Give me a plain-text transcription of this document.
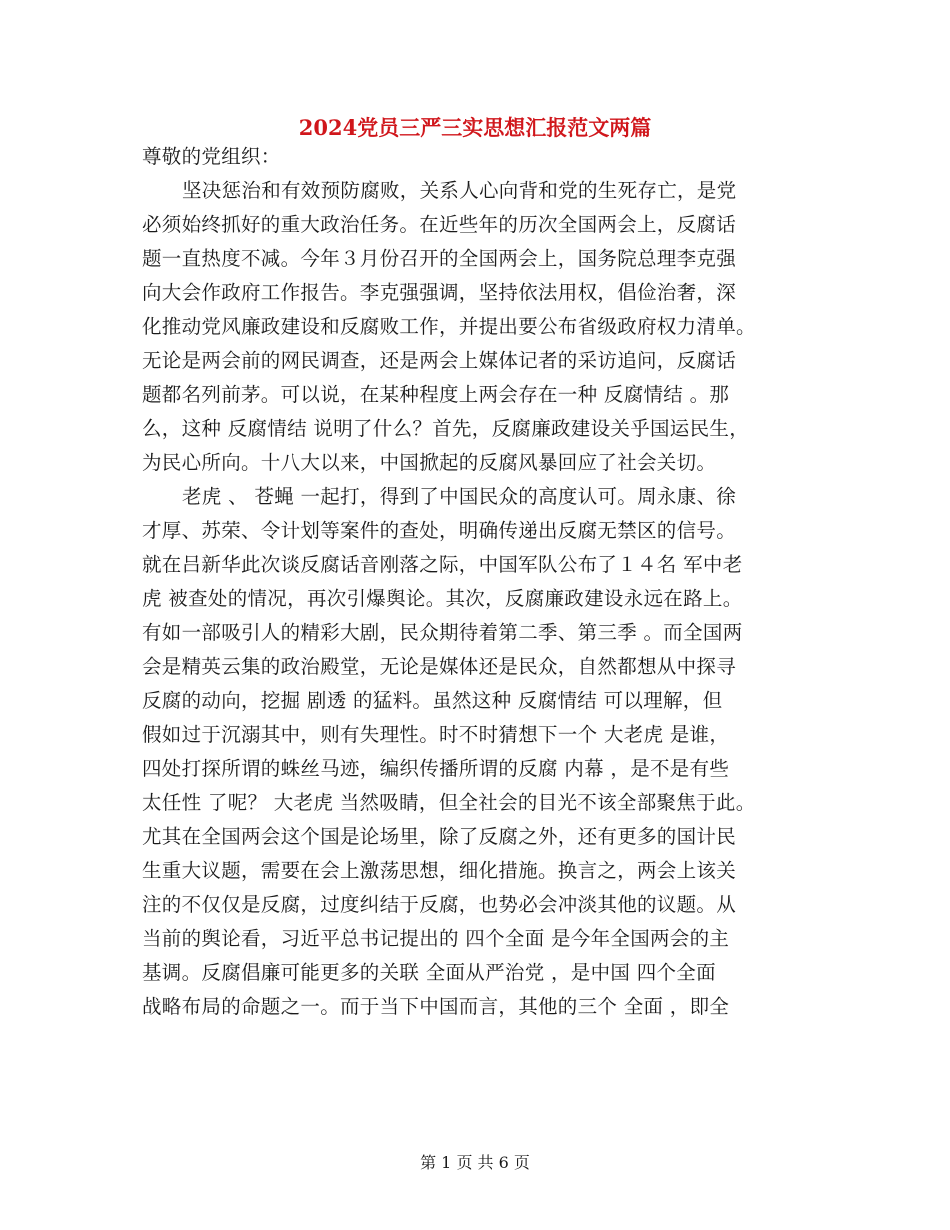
2024党员三严三实思想汇报范文两篇
尊敬的党组织：
坚决惩治和有效预防腐败，关系人心向背和党的生死存亡，是党
必须始终抓好的重大政治任务。在近些年的历次全国两会上，反腐话
题一直热度不减。今年３月份召开的全国两会上，国务院总理李克强
向大会作政府工作报告。李克强强调，坚持依法用权，倡俭治奢，深
化推动党风廉政建设和反腐败工作，并提出要公布省级政府权力清单。
无论是两会前的网民调查，还是两会上媒体记者的采访追问，反腐话
题都名列前茅。可以说，在某种程度上两会存在一种 反腐情结 。那
么，这种 反腐情结 说明了什么？首先，反腐廉政建设关乎国运民生，
为民心所向。十八大以来，中国掀起的反腐风暴回应了社会关切。
老虎 、 苍蝇 一起打，得到了中国民众的高度认可。周永康、徐
才厚、苏荣、令计划等案件的查处，明确传递出反腐无禁区的信号。
就在吕新华此次谈反腐话音刚落之际，中国军队公布了１４名 军中老
虎 被查处的情况，再次引爆舆论。其次，反腐廉政建设永远在路上。
有如一部吸引人的精彩大剧，民众期待着第二季、第三季 。而全国两
会是精英云集的政治殿堂，无论是媒体还是民众，自然都想从中探寻
反腐的动向，挖掘 剧透 的猛料。虽然这种 反腐情结 可以理解，但
假如过于沉溺其中，则有失理性。时不时猜想下一个 大老虎 是谁，
四处打探所谓的蛛丝马迹，编织传播所谓的反腐 内幕 ，是不是有些
太任性 了呢？ 大老虎 当然吸睛，但全社会的目光不该全部聚焦于此。
尤其在全国两会这个国是论场里，除了反腐之外，还有更多的国计民
生重大议题，需要在会上激荡思想，细化措施。换言之，两会上该关
注的不仅仅是反腐，过度纠结于反腐，也势必会冲淡其他的议题。从
当前的舆论看，习近平总书记提出的 四个全面 是今年全国两会的主
基调。反腐倡廉可能更多的关联 全面从严治党 ，是中国 四个全面
战略布局的命题之一。而于当下中国而言，其他的三个 全面 ，即全
第 1 页 共 6 页
